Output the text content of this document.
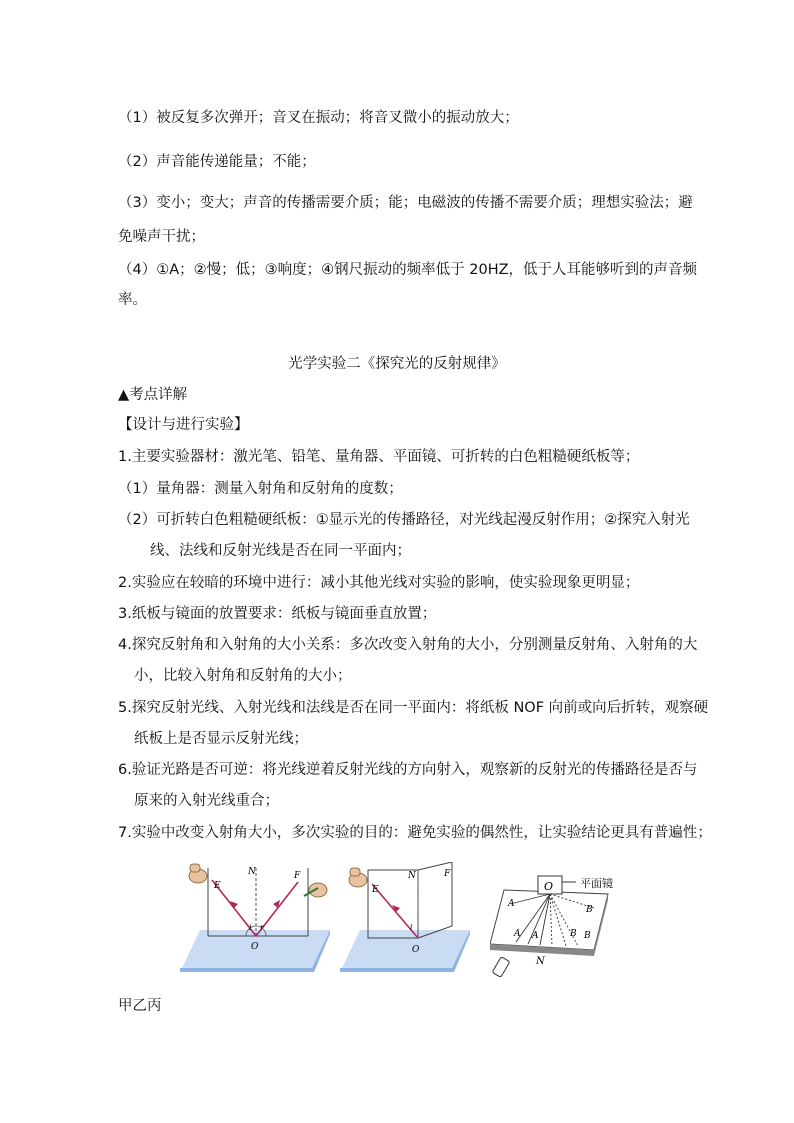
（1）被反复多次弹开；音叉在振动；将音叉微小的振动放大；
（2）声音能传递能量；不能；
（3）变小；变大；声音的传播需要介质；能；电磁波的传播不需要介质；理想实验法；避
免噪声干扰；
（4）①A；②慢；低；③响度；④钢尺振动的频率低于 20HZ，低于人耳能够听到的声音频
率。
光学实验二《探究光的反射规律》
▲考点详解
【设计与进行实验】
1.主要实验器材：激光笔、铅笔、量角器、平面镜、可折转的白色粗糙硬纸板等；
（1）量角器：测量入射角和反射角的度数；
（2）可折转白色粗糙硬纸板：①显示光的传播路径，对光线起漫反射作用；②探究入射光
线、法线和反射光线是否在同一平面内；
2.实验应在较暗的环境中进行：减小其他光线对实验的影响，使实验现象更明显；
3.纸板与镜面的放置要求：纸板与镜面垂直放置；
4.探究反射角和入射角的大小关系：多次改变入射角的大小，分别测量反射角、入射角的大
小，比较入射角和反射角的大小；
5.探究反射光线、入射光线和法线是否在同一平面内：将纸板 NOF 向前或向后折转，观察硬
纸板上是否显示反射光线；
6.验证光路是否可逆：将光线逆着反射光线的方向射入，观察新的反射光的传播路径是否与
原来的入射光线重合；
7.实验中改变入射角大小，多次实验的目的：避免实验的偶然性，让实验结论更具有普遍性；
E
N	F
O
i r
E
N	F
O
i
O 平面镜
A
A A
B
B B
N
甲乙丙
